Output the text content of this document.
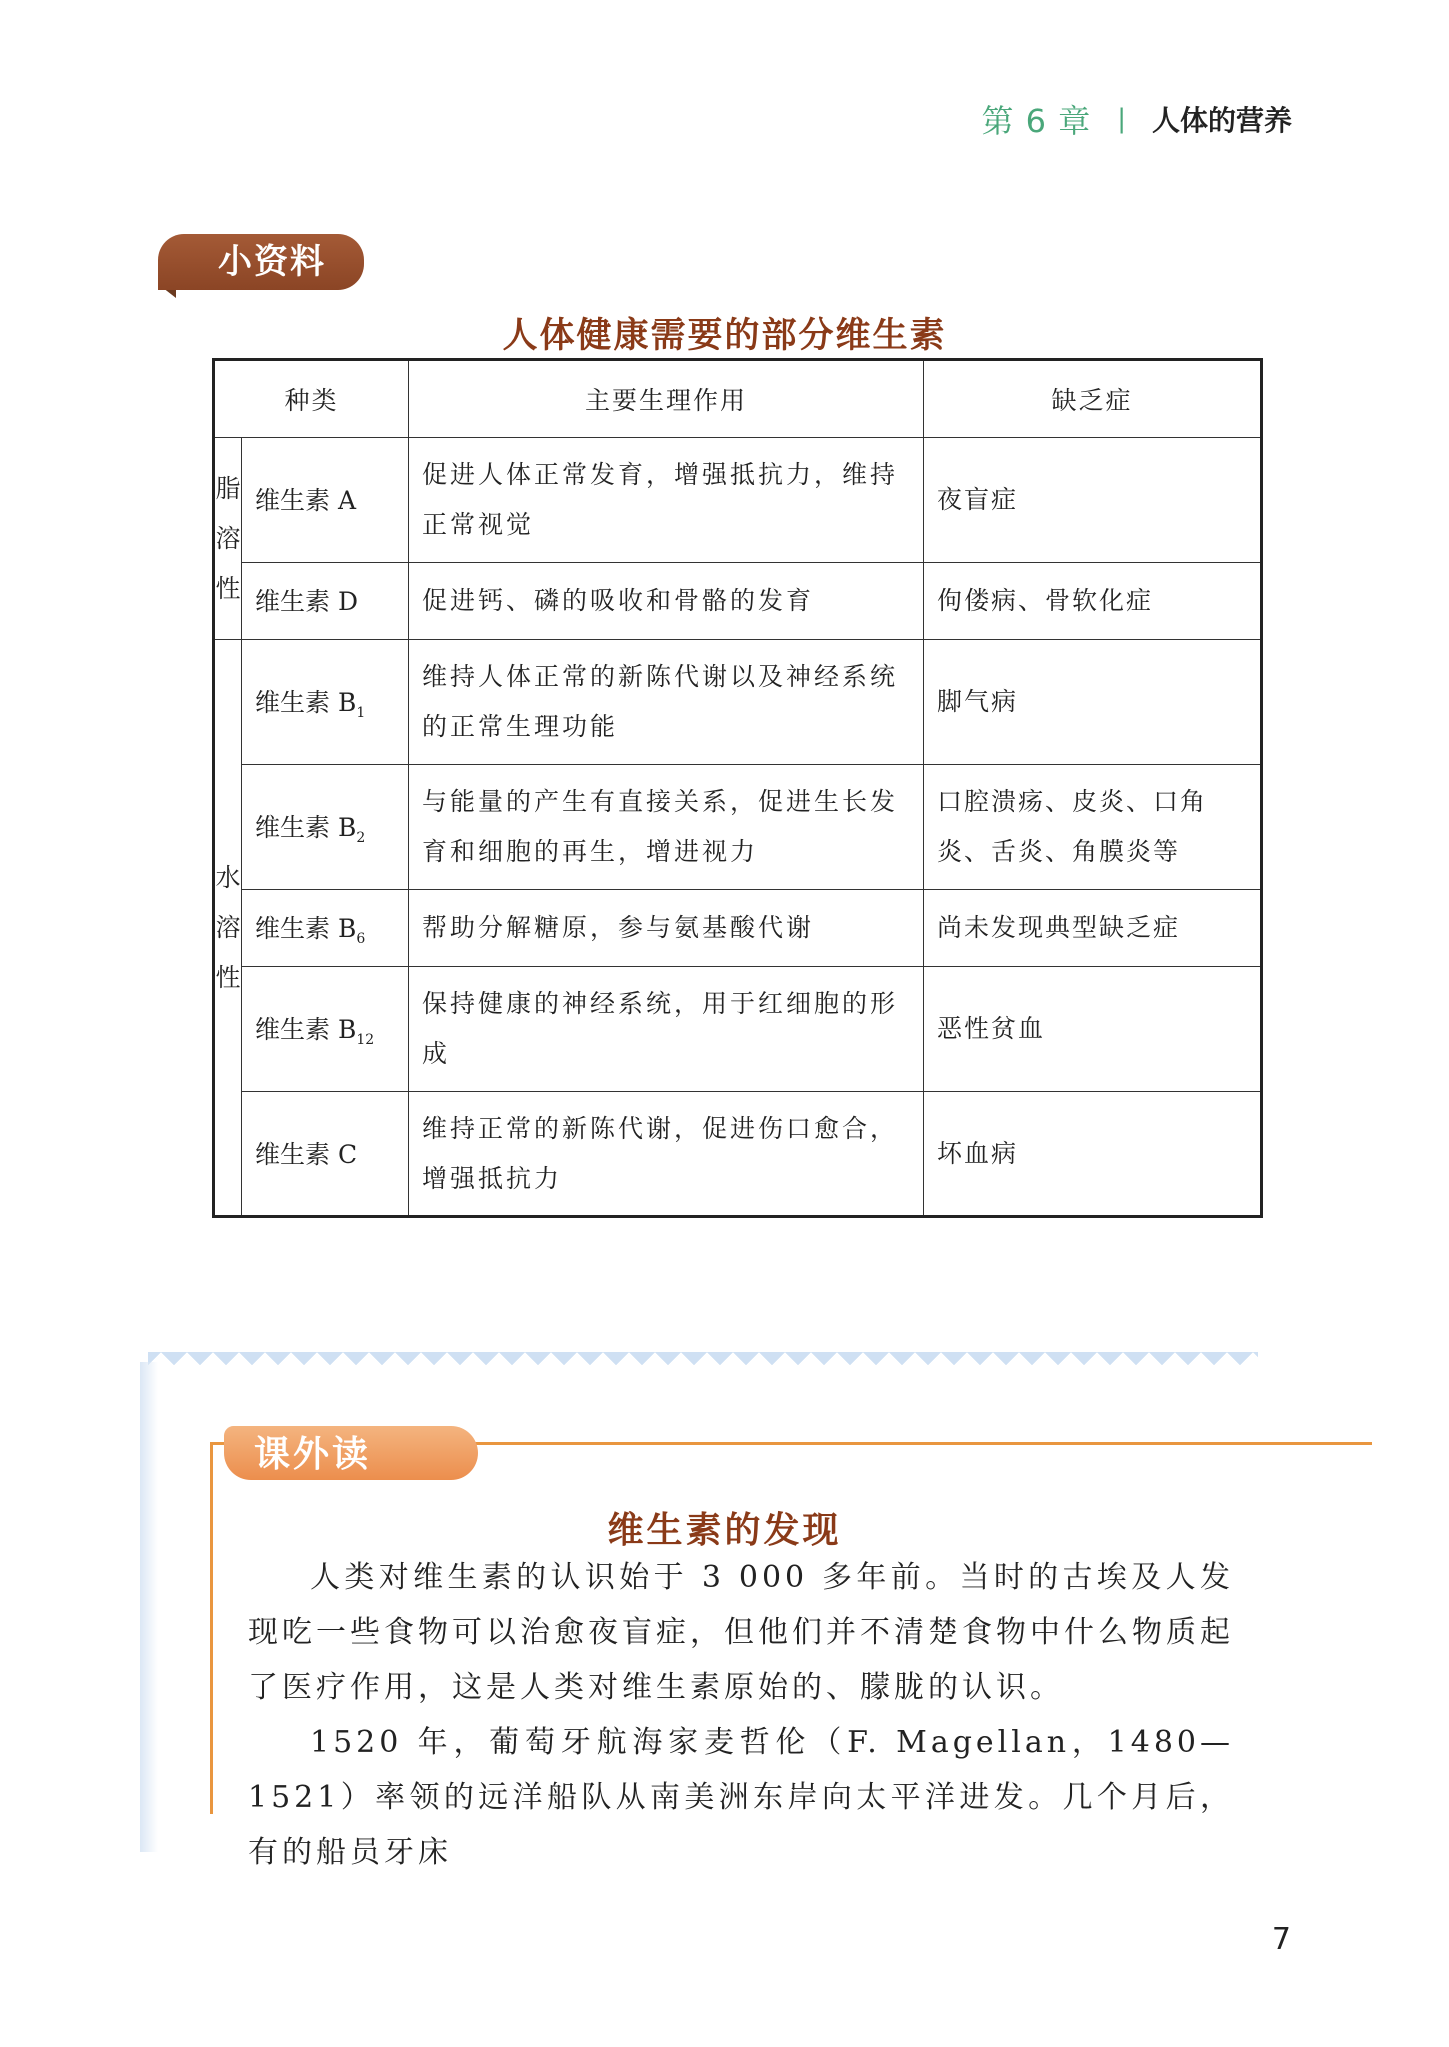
第 6 章 | 人体的营养
小资料
人体健康需要的部分维生素
种类		主要生理作用	缺乏症
脂溶性	维生素 A	促进人体正常发育，增强抵抗力，维持正常视觉	夜盲症
	维生素 D	促进钙、磷的吸收和骨骼的发育	佝偻病、骨软化症
水溶性	维生素 $B_1$	维持人体正常的新陈代谢以及神经系统的正常生理功能	脚气病
	维生素 $B_2$	与能量的产生有直接关系，促进生长发育和细胞的再生，增进视力	口腔溃疡、皮炎、口角炎、舌炎、角膜炎等
	维生素 $B_6$	帮助分解糖原，参与氨基酸代谢	尚未发现典型缺乏症
	维生素 $B_{12}$	保持健康的神经系统，用于红细胞的形成	恶性贫血
	维生素 C	维持正常的新陈代谢，促进伤口愈合，增强抵抗力	坏血病
课外读
维生素的发现

人类对维生素的认识始于 3 000 多年前。当时的古埃及人发现吃一些食物可以治愈夜盲症，但他们并不清楚食物中什么物质起了医疗作用，这是人类对维生素原始的、朦胧的认识。

1520 年，葡萄牙航海家麦哲伦（F. Magellan，1480—1521）率领的远洋船队从南美洲东岸向太平洋进发。几个月后，有的船员牙床

7
